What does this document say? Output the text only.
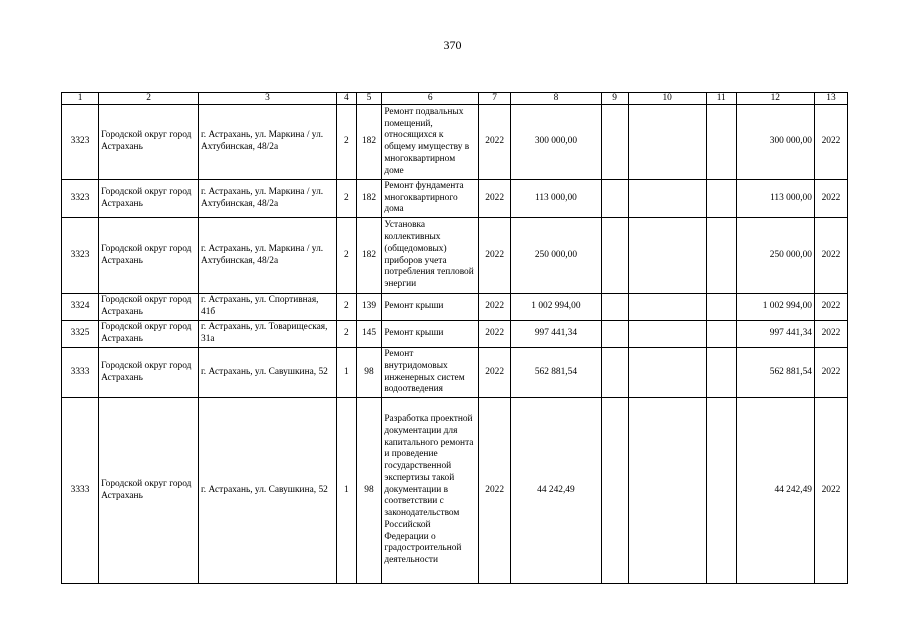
370
1	2	3	4	5	6	7	8	9	10	11	12	13
3323	Городской округ город Астрахань	г. Астрахань, ул. Маркина / ул. Ахтубинская, 48/2а	2	182	Ремонт подвальных помещений, относящихся к общему имуществу в многоквартирном доме	2022	300 000,00				300 000,00	2022
3323	Городской округ город Астрахань	г. Астрахань, ул. Маркина / ул. Ахтубинская, 48/2а	2	182	Ремонт фундамента многоквартирного дома	2022	113 000,00				113 000,00	2022
3323	Городской округ город Астрахань	г. Астрахань, ул. Маркина / ул. Ахтубинская, 48/2а	2	182	Установка коллективных (общедомовых) приборов учета потребления тепловой энергии	2022	250 000,00				250 000,00	2022
3324	Городской округ город Астрахань	г. Астрахань, ул. Спортивная, 41б	2	139	Ремонт крыши	2022	1 002 994,00				1 002 994,00	2022
3325	Городской округ город Астрахань	г. Астрахань, ул. Товарищеская, 31а	2	145	Ремонт крыши	2022	997 441,34				997 441,34	2022
3333	Городской округ город Астрахань	г. Астрахань, ул. Савушкина, 52	1	98	Ремонт внутридомовых инженерных систем водоотведения	2022	562 881,54				562 881,54	2022
3333	Городской округ город Астрахань	г. Астрахань, ул. Савушкина, 52	1	98	Разработка проектной документации для капитального ремонта и проведение государственной экспертизы такой документации в соответствии с законодательством Российской Федерации о градостроительной деятельности	2022	44 242,49				44 242,49	2022
